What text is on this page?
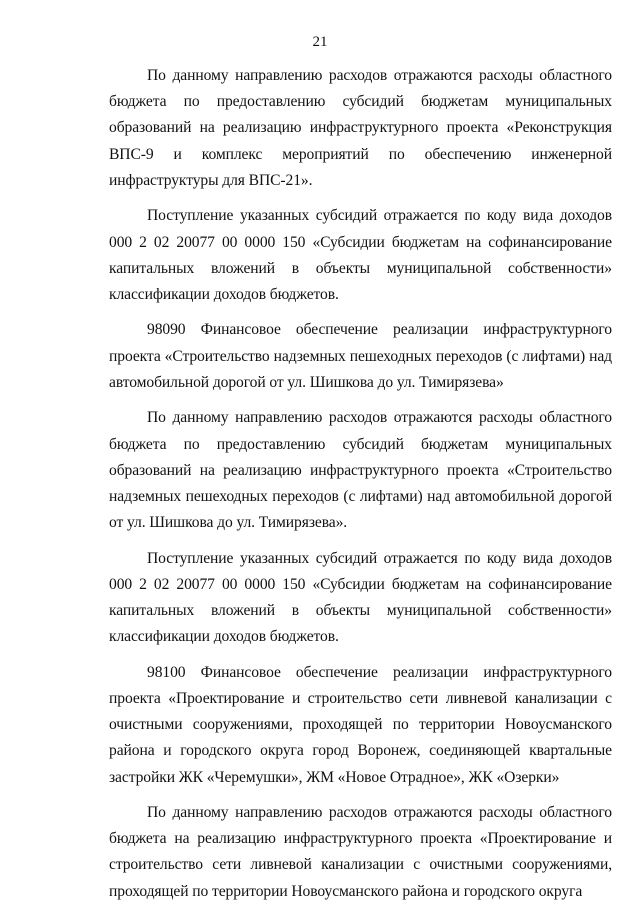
21

По данному направлению расходов отражаются расходы областного бюджета по предоставлению субсидий бюджетам муниципальных образований на реализацию инфраструктурного проекта «Реконструкция ВПС-9 и комплекс мероприятий по обеспечению инженерной инфраструктуры для ВПС-21».

Поступление указанных субсидий отражается по коду вида доходов 000 2 02 20077 00 0000 150 «Субсидии бюджетам на софинансирование капитальных вложений в объекты муниципальной собственности» классификации доходов бюджетов.

98090 Финансовое обеспечение реализации инфраструктурного проекта «Строительство надземных пешеходных переходов (с лифтами) над автомобильной дорогой от ул. Шишкова до ул. Тимирязева»

По данному направлению расходов отражаются расходы областного бюджета по предоставлению субсидий бюджетам муниципальных образований на реализацию инфраструктурного проекта «Строительство надземных пешеходных переходов (с лифтами) над автомобильной дорогой от ул. Шишкова до ул. Тимирязева».

Поступление указанных субсидий отражается по коду вида доходов 000 2 02 20077 00 0000 150 «Субсидии бюджетам на софинансирование капитальных вложений в объекты муниципальной собственности» классификации доходов бюджетов.

98100 Финансовое обеспечение реализации инфраструктурного проекта «Проектирование и строительство сети ливневой канализации с очистными сооружениями, проходящей по территории Новоусманского района и городского округа город Воронеж, соединяющей квартальные застройки ЖК «Черемушки», ЖМ «Новое Отрадное», ЖК «Озерки»

По данному направлению расходов отражаются расходы областного бюджета на реализацию инфраструктурного проекта «Проектирование и строительство сети ливневой канализации с очистными сооружениями, проходящей по территории Новоусманского района и городского округа
